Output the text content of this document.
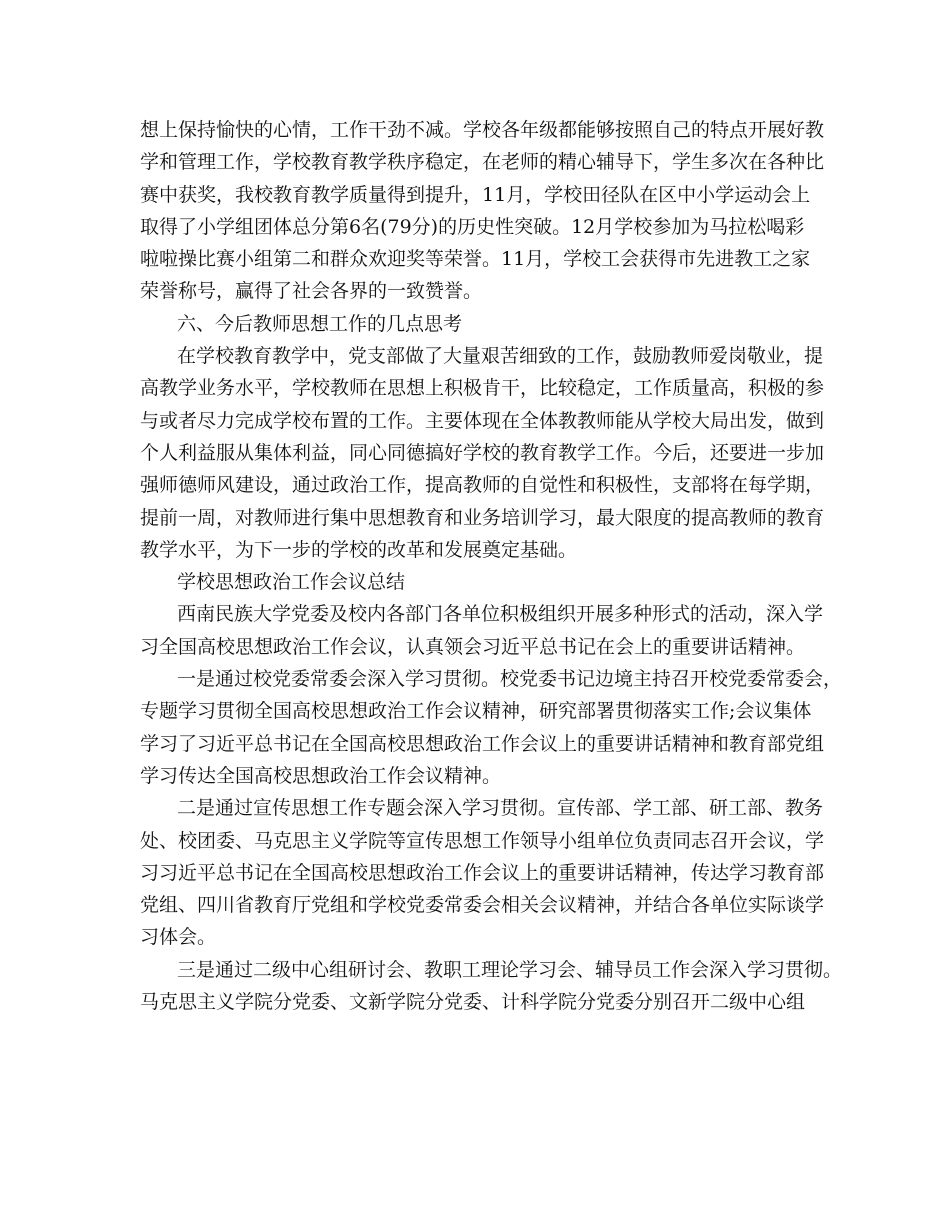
想上保持愉快的心情，工作干劲不减。学校各年级都能够按照自己的特点开展好教
学和管理工作，学校教育教学秩序稳定，在老师的精心辅导下，学生多次在各种比
赛中获奖，我校教育教学质量得到提升，11月，学校田径队在区中小学运动会上
取得了小学组团体总分第6名(79分)的历史性突破。12月学校参加为马拉松喝彩
啦啦操比赛小组第二和群众欢迎奖等荣誉。11月，学校工会获得市先进教工之家
荣誉称号，赢得了社会各界的一致赞誉。
六、今后教师思想工作的几点思考
在学校教育教学中，党支部做了大量艰苦细致的工作，鼓励教师爱岗敬业，提
高教学业务水平，学校教师在思想上积极肯干，比较稳定，工作质量高，积极的参
与或者尽力完成学校布置的工作。主要体现在全体教教师能从学校大局出发，做到
个人利益服从集体利益，同心同德搞好学校的教育教学工作。今后，还要进一步加
强师德师风建设，通过政治工作，提高教师的自觉性和积极性，支部将在每学期，
提前一周，对教师进行集中思想教育和业务培训学习，最大限度的提高教师的教育
教学水平，为下一步的学校的改革和发展奠定基础。
学校思想政治工作会议总结
西南民族大学党委及校内各部门各单位积极组织开展多种形式的活动，深入学
习全国高校思想政治工作会议，认真领会习近平总书记在会上的重要讲话精神。
一是通过校党委常委会深入学习贯彻。校党委书记边境主持召开校党委常委会，
专题学习贯彻全国高校思想政治工作会议精神，研究部署贯彻落实工作;会议集体
学习了习近平总书记在全国高校思想政治工作会议上的重要讲话精神和教育部党组
学习传达全国高校思想政治工作会议精神。
二是通过宣传思想工作专题会深入学习贯彻。宣传部、学工部、研工部、教务
处、校团委、马克思主义学院等宣传思想工作领导小组单位负责同志召开会议，学
习习近平总书记在全国高校思想政治工作会议上的重要讲话精神，传达学习教育部
党组、四川省教育厅党组和学校党委常委会相关会议精神，并结合各单位实际谈学
习体会。
三是通过二级中心组研讨会、教职工理论学习会、辅导员工作会深入学习贯彻。
马克思主义学院分党委、文新学院分党委、计科学院分党委分别召开二级中心组
